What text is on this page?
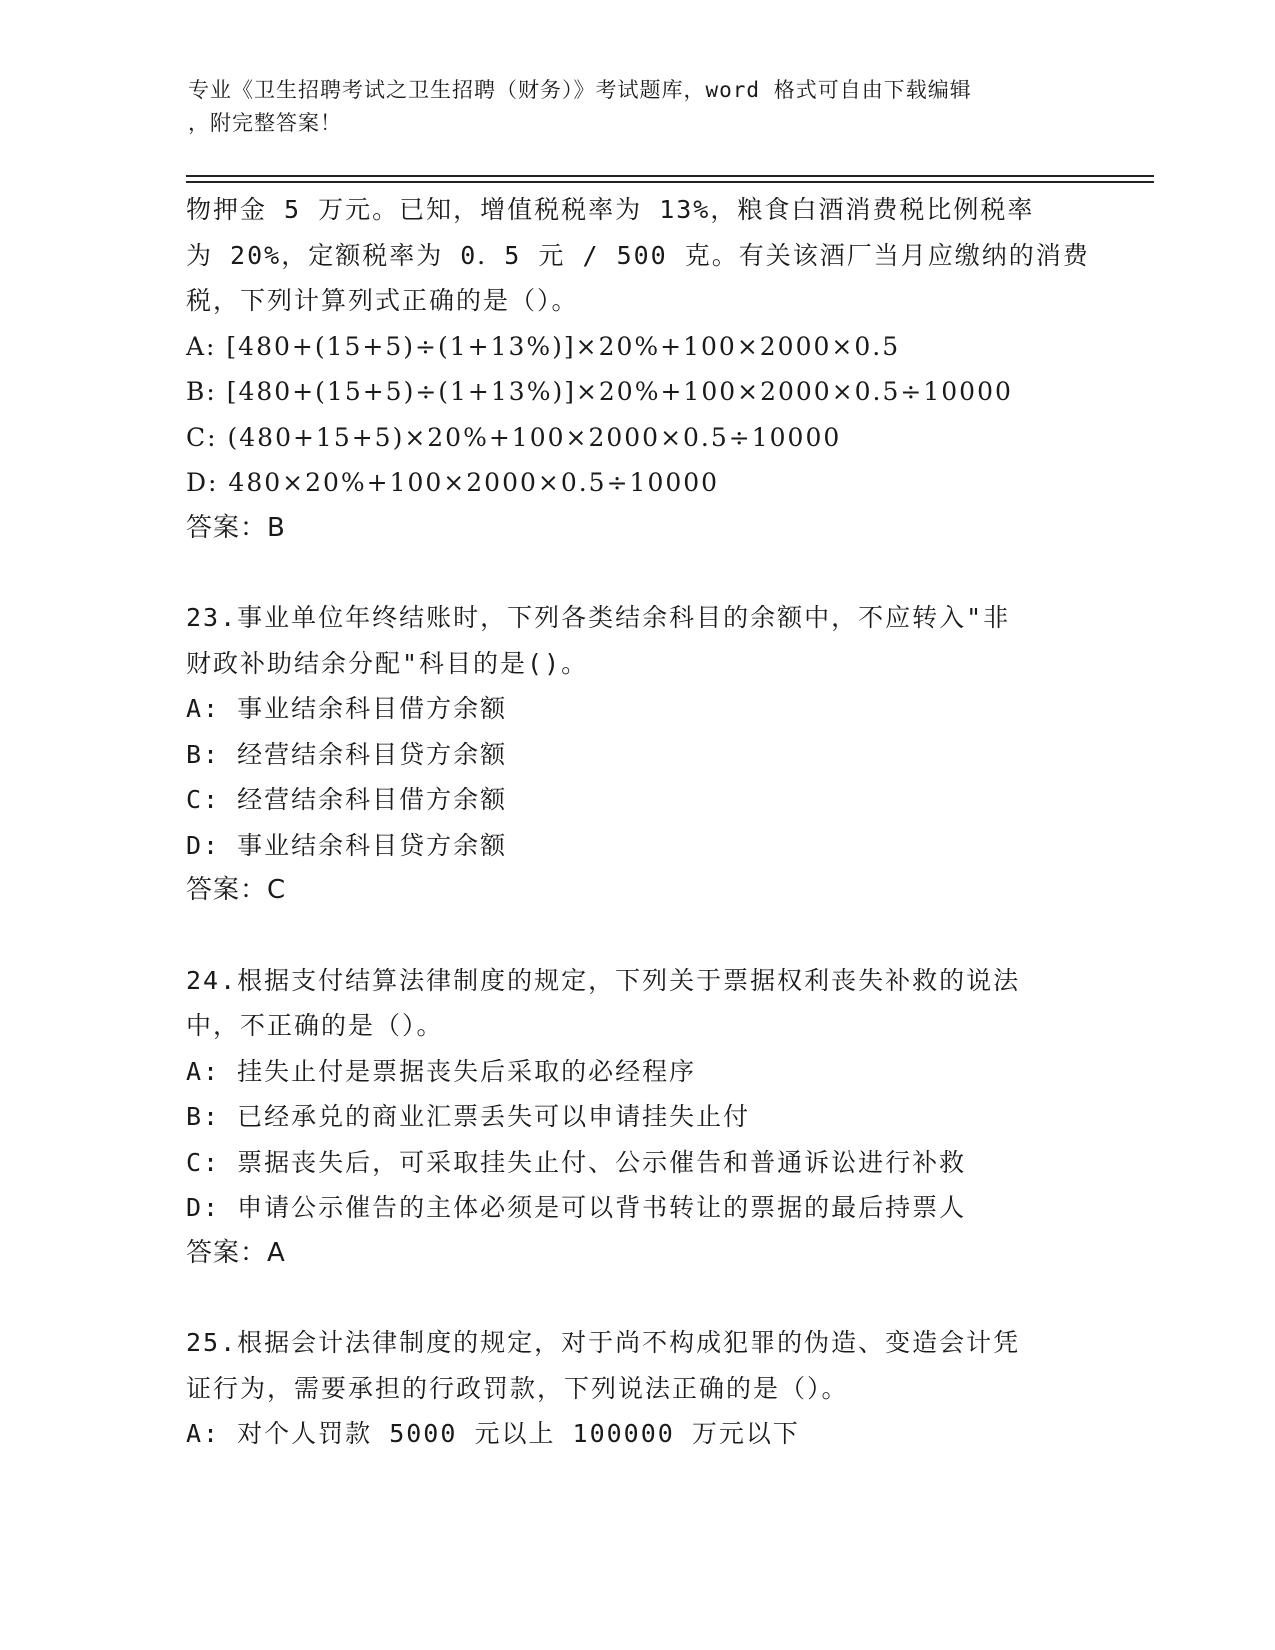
专业《卫生招聘考试之卫生招聘（财务）》考试题库，word 格式可自由下载编辑
，附完整答案！
物押金 5 万元。已知，增值税税率为 13%，粮食白酒消费税比例税率
为 20%，定额税率为 0．5 元 / 500 克。有关该酒厂当月应缴纳的消费
税，下列计算列式正确的是（）。
A: [480+(15+5)÷(1+13%)]×20%+100×2000×0.5
B: [480+(15+5)÷(1+13%)]×20%+100×2000×0.5÷10000
C: (480+15+5)×20%+100×2000×0.5÷10000
D: 480×20%+100×2000×0.5÷10000
答案：B
23.事业单位年终结账时，下列各类结余科目的余额中，不应转入"非
财政补助结余分配"科目的是()。
A: 事业结余科目借方余额
B: 经营结余科目贷方余额
C: 经营结余科目借方余额
D: 事业结余科目贷方余额
答案：C
24.根据支付结算法律制度的规定，下列关于票据权利丧失补救的说法
中，不正确的是（）。
A: 挂失止付是票据丧失后采取的必经程序
B: 已经承兑的商业汇票丢失可以申请挂失止付
C: 票据丧失后，可采取挂失止付、公示催告和普通诉讼进行补救
D: 申请公示催告的主体必须是可以背书转让的票据的最后持票人
答案：A
25.根据会计法律制度的规定，对于尚不构成犯罪的伪造、变造会计凭
证行为，需要承担的行政罚款，下列说法正确的是（）。
A: 对个人罚款 5000 元以上 100000 万元以下
